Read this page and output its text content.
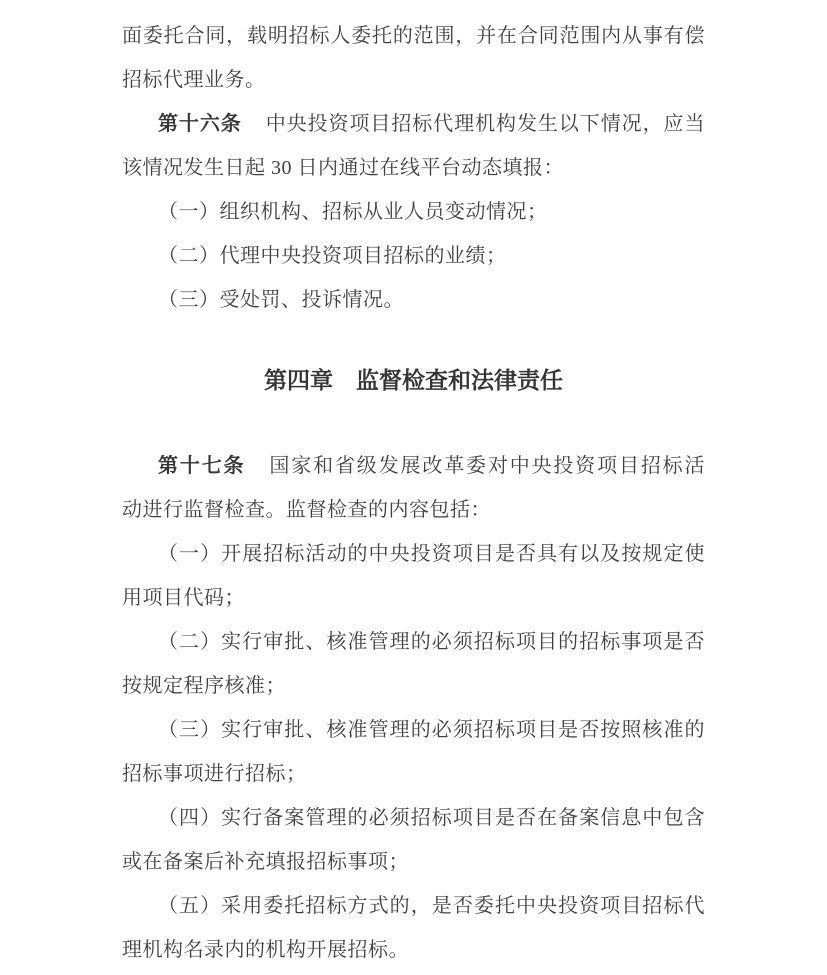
面委托合同，载明招标人委托的范围，并在合同范围内从事有偿
招标代理业务。
第十六条 中央投资项目招标代理机构发生以下情况，应当
该情况发生日起 30 日内通过在线平台动态填报：
（一）组织机构、招标从业人员变动情况；
（二）代理中央投资项目招标的业绩；
（三）受处罚、投诉情况。
第四章　监督检查和法律责任
第十七条 国家和省级发展改革委对中央投资项目招标活
动进行监督检查。监督检查的内容包括：
（一）开展招标活动的中央投资项目是否具有以及按规定使
用项目代码；
（二）实行审批、核准管理的必须招标项目的招标事项是否
按规定程序核准；
（三）实行审批、核准管理的必须招标项目是否按照核准的
招标事项进行招标；
（四）实行备案管理的必须招标项目是否在备案信息中包含
或在备案后补充填报招标事项；
（五）采用委托招标方式的，是否委托中央投资项目招标代
理机构名录内的机构开展招标。
